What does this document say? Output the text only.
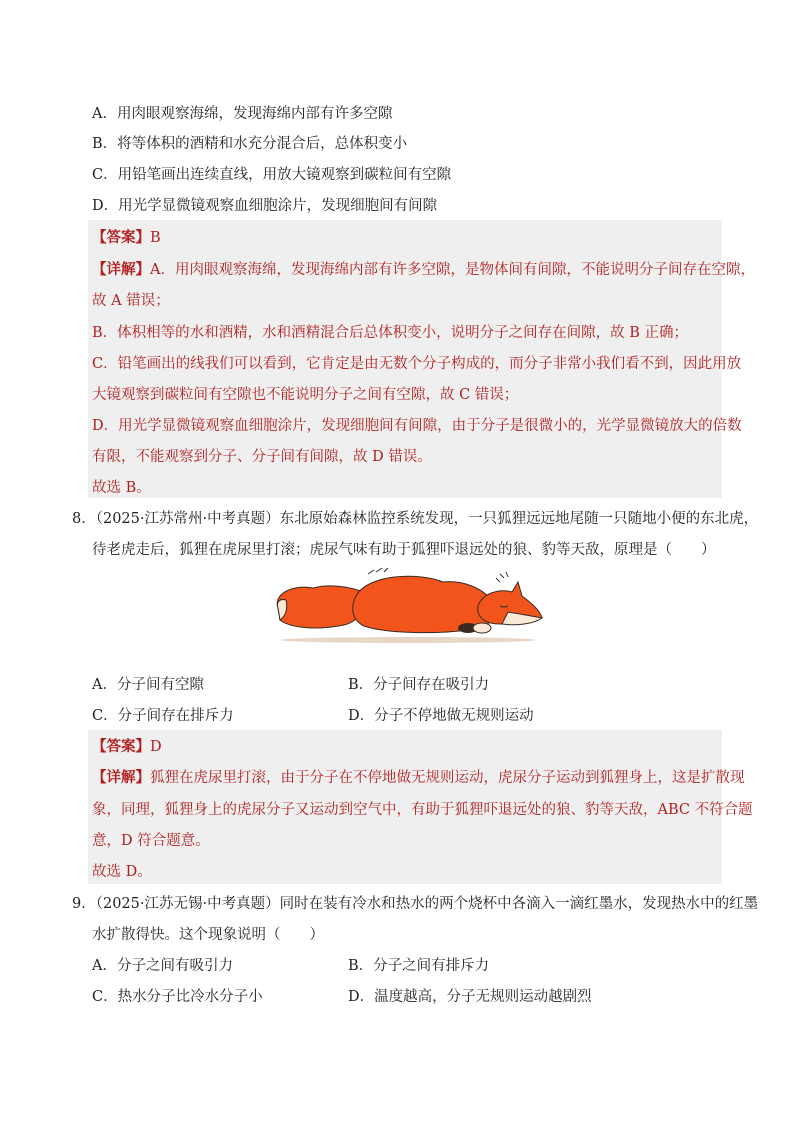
A．用肉眼观察海绵，发现海绵内部有许多空隙
B．将等体积的酒精和水充分混合后，总体积变小
C．用铅笔画出连续直线，用放大镜观察到碳粒间有空隙
D．用光学显微镜观察血细胞涂片，发现细胞间有间隙
【答案】B
【详解】A．用肉眼观察海绵，发现海绵内部有许多空隙，是物体间有间隙，不能说明分子间存在空隙，
故 A 错误；
B．体积相等的水和酒精，水和酒精混合后总体积变小，说明分子之间存在间隙，故 B 正确；
C．铅笔画出的线我们可以看到，它肯定是由无数个分子构成的，而分子非常小我们看不到，因此用放
大镜观察到碳粒间有空隙也不能说明分子之间有空隙，故 C 错误；
D．用光学显微镜观察血细胞涂片，发现细胞间有间隙，由于分子是很微小的，光学显微镜放大的倍数
有限，不能观察到分子、分子间有间隙，故 D 错误。
故选 B。
8．（2025·江苏常州·中考真题）东北原始森林监控系统发现，一只狐狸远远地尾随一只随地小便的东北虎，
待老虎走后，狐狸在虎尿里打滚；虎尿气味有助于狐狸吓退远处的狼、豹等天敌，原理是（　　）
A．分子间有空隙	B．分子间存在吸引力
C．分子间存在排斥力	D．分子不停地做无规则运动
【答案】D
【详解】狐狸在虎尿里打滚，由于分子在不停地做无规则运动，虎尿分子运动到狐狸身上，这是扩散现
象，同理，狐狸身上的虎尿分子又运动到空气中，有助于狐狸吓退远处的狼、豹等天敌，ABC 不符合题
意，D 符合题意。
故选 D。
9．（2025·江苏无锡·中考真题）同时在装有冷水和热水的两个烧杯中各滴入一滴红墨水，发现热水中的红墨
水扩散得快。这个现象说明（　　）
A．分子之间有吸引力	B．分子之间有排斥力
C．热水分子比冷水分子小	D．温度越高，分子无规则运动越剧烈
